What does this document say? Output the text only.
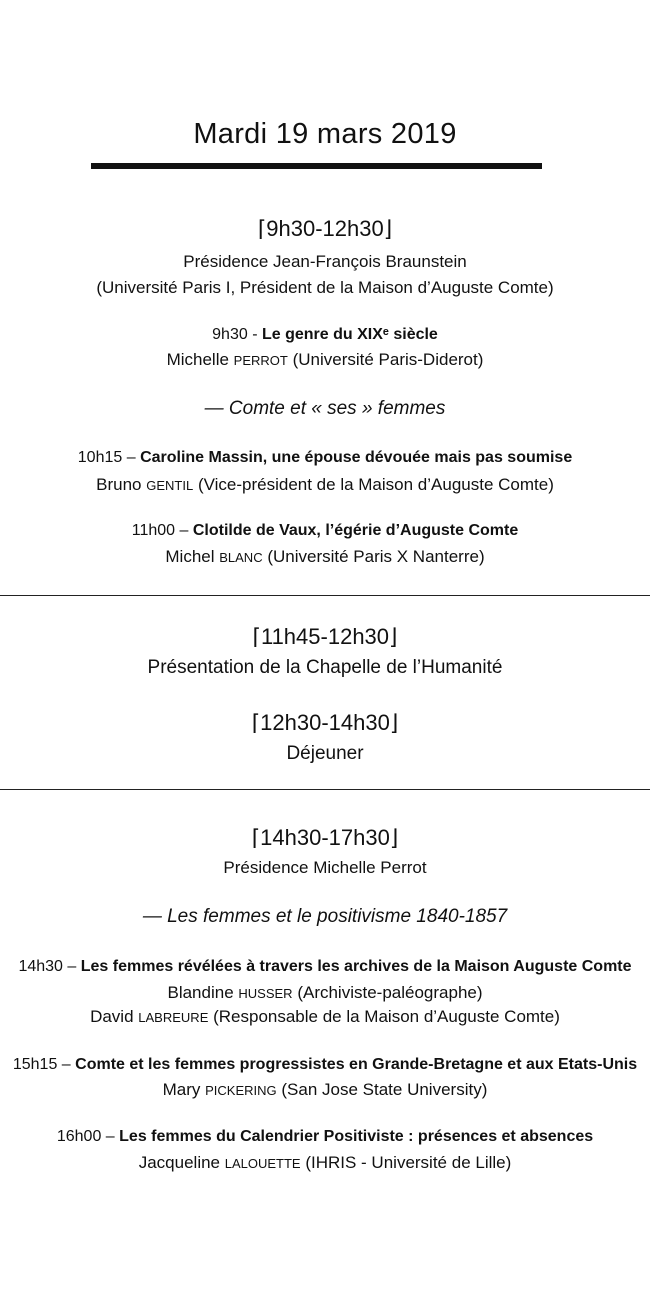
Mardi 19 mars 2019
⌈9h30-12h30⌋
Présidence Jean-François Braunstein
(Université Paris I, Président de la Maison d’Auguste Comte)
9h30 - Le genre du XIXᵉ siècle
Michelle PERROT (Université Paris-Diderot)
— Comte et « ses » femmes
10h15 – Caroline Massin, une épouse dévouée mais pas soumise
Bruno GENTIL (Vice-président de la Maison d’Auguste Comte)
11h00 – Clotilde de Vaux, l’égérie d’Auguste Comte
Michel BLANC (Université Paris X Nanterre)
⌈11h45-12h30⌋
Présentation de la Chapelle de l’Humanité
⌈12h30-14h30⌋
Déjeuner
⌈14h30-17h30⌋
Présidence Michelle Perrot
— Les femmes et le positivisme 1840-1857
14h30 – Les femmes révélées à travers les archives de la Maison Auguste Comte
Blandine HUSSER (Archiviste-paléographe)
David LABREURE (Responsable de la Maison d’Auguste Comte)
15h15 – Comte et les femmes progressistes en Grande-Bretagne et aux Etats-Unis
Mary PICKERING (San Jose State University)
16h00 – Les femmes du Calendrier Positiviste : présences et absences
Jacqueline LALOUETTE (IHRIS - Université de Lille)
